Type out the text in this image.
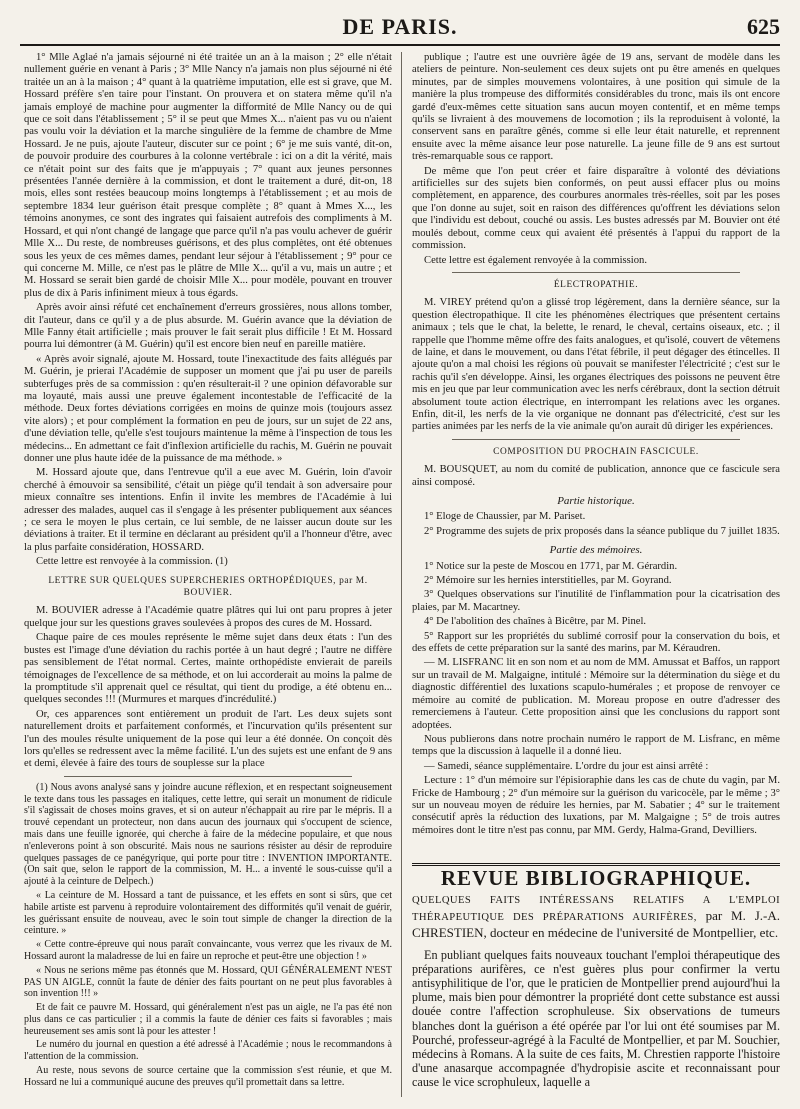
DE PARIS.	625

1° Mlle Aglaé n'a jamais séjourné ni été traitée un an à la maison ; 2° elle n'était nullement guérie en venant à Paris ; 3° Mlle Nancy n'a jamais non plus séjourné ni été traitée un an à la maison ; 4° quant à la quatrième imputation, elle est si grave, que M. Hossard préfère s'en taire pour l'instant. On prouvera et on statera même qu'il n'a jamais employé de machine pour augmenter la difformité de Mlle Nancy ou de qui que ce soit dans l'établissement ; 5° il se peut que Mmes X... n'aient pas vu ou n'aient pas voulu voir la déviation et la marche singulière de la femme de chambre de Mme Hossard. Je ne puis, ajoute l'auteur, discuter sur ce point ; 6° je me suis vanté, dit-on, de pouvoir produire des courbures à la colonne vertébrale : ici on a dit la vérité, mais ce n'était point sur des faits que je m'appuyais ; 7° quant aux jeunes personnes présentées l'année dernière à la commission, et dont le traitement a duré, dit-on, 18 mois, elles sont restées beaucoup moins longtemps à l'établissement ; et au mois de septembre 1834 leur guérison était presque complète ; 8° quant à Mmes X..., les témoins anonymes, ce sont des ingrates qui faisaient autrefois des compliments à M. Hossard, et qui n'ont changé de langage que parce qu'il n'a pas voulu achever de guérir Mlle X... Du reste, de nombreuses guérisons, et des plus complètes, ont été obtenues sous les yeux de ces mêmes dames, pendant leur séjour à l'établissement ; 9° pour ce qui concerne M. Mille, ce n'est pas le plâtre de Mlle X... qu'il a vu, mais un autre ; et M. Hossard se serait bien gardé de choisir Mlle X... pour modèle, pouvant en trouver plus de dix à Paris infiniment mieux à tous égards.

Après avoir ainsi réfuté cet enchaînement d'erreurs grossières, nous allons tomber, dit l'auteur, dans ce qu'il y a de plus absurde. M. Guérin avance que la déviation de Mlle Fanny était artificielle ; mais prouver le fait serait plus difficile ! Et M. Hossard pourra lui démontrer (à M. Guérin) qu'il est encore bien neuf en pareille matière.

« Après avoir signalé, ajoute M. Hossard, toute l'inexactitude des faits allégués par M. Guérin, je prierai l'Académie de supposer un moment que j'ai pu user de pareils subterfuges près de sa commission : qu'en résulterait-il ? une opinion défavorable sur ma loyauté, mais aussi une preuve également incontestable de l'efficacité de la méthode. Deux fortes déviations corrigées en moins de quinze mois (toujours assez vite alors) ; et pour complément la formation en peu de jours, sur un sujet de 22 ans, d'une déviation telle, qu'elle s'est toujours maintenue la même à l'inspection de tous les médecins... En admettant ce fait d'inflexion artificielle du rachis, M. Guérin ne pouvait donner une plus haute idée de la puissance de ma méthode. »

M. Hossard ajoute que, dans l'entrevue qu'il a eue avec M. Guérin, loin d'avoir cherché à émouvoir sa sensibilité, c'était un piège qu'il tendait à son adversaire pour mieux connaître ses intentions. Enfin il invite les membres de l'Académie à lui adresser des malades, auquel cas il s'engage à les présenter publiquement aux séances ; ce sera le moyen le plus certain, ce lui semble, de ne laisser aucun doute sur les déviations à traiter. Et il termine en déclarant au président qu'il a l'honneur d'être, avec la plus parfaite considération, HOSSARD.

Cette lettre est renvoyée à la commission. (1)

LETTRE SUR QUELQUES SUPERCHERIES ORTHOPÉDIQUES, par M. BOUVIER.

M. BOUVIER adresse à l'Académie quatre plâtres qui lui ont paru propres à jeter quelque jour sur les questions graves soulevées à propos des cures de M. Hossard.

Chaque paire de ces moules représente le même sujet dans deux états : l'un des bustes est l'image d'une déviation du rachis portée à un haut degré ; l'autre ne diffère pas sensiblement de l'état normal. Certes, mainte orthopédiste envierait de pareils témoignages de l'excellence de sa méthode, et on lui accorderait au moins la palme de la promptitude s'il apprenait quel ce résultat, qui tient du prodige, a été obtenu en... quelques secondes !!! (Murmures et marques d'incrédulité.)

Or, ces apparences sont entièrement un produit de l'art. Les deux sujets sont naturellement droits et parfaitement conformés, et l'incurvation qu'ils présentent sur l'un des moules résulte uniquement de la pose qui leur a été donnée. On conçoit dès lors qu'elles se redressent avec la même facilité. L'un des sujets est une enfant de 9 ans et demi, élevée à faire des tours de souplesse sur la place

(1) Nous avons analysé sans y joindre aucune réflexion, et en respectant soigneusement le texte dans tous les passages en italiques, cette lettre, qui serait un monument de ridicule s'il s'agissait de choses moins graves, et si on auteur n'échappait au rire par le mépris. Il a trouvé cependant un protecteur, non dans aucun des journaux qui s'occupent de science, mais dans une feuille ignorée, qui cherche à faire de la médecine populaire, et que nous n'enleverons point à son obscurité. Mais nous ne saurions résister au désir de reproduire quelques passages de ce panégyrique, qui porte pour titre : INVENTION IMPORTANTE. (On sait que, selon le rapport de la commission, M. H... a inventé le sous-cuisse qu'il a ajouté à la ceinture de Delpech.)

« La ceinture de M. Hossard a tant de puissance, et les effets en sont si sûrs, que cet habile artiste est parvenu à reproduire volontairement des difformités qu'il venait de guérir, les guérissant ensuite de nouveau, avec le soin tout simple de changer la direction de la ceinture. »

« Cette contre-épreuve qui nous paraît convaincante, vous verrez que les rivaux de M. Hossard auront la maladresse de lui en faire un reproche et peut-être une objection ! »

« Nous ne serions même pas étonnés que M. Hossard, QUI GÉNÉRALEMENT N'EST PAS UN AIGLE, connût la faute de dénier des faits pourtant on ne peut plus favorables à son invention !!! »

Et de fait ce pauvre M. Hossard, qui généralement n'est pas un aigle, ne l'a pas été non plus dans ce cas particulier ; il a commis la faute de dénier ces faits si favorables ; mais heureusement ses amis sont là pour les attester !

Le numéro du journal en question a été adressé à l'Académie ; nous le recommandons à l'attention de la commission.

Au reste, nous sevons de source certaine que la commission s'est réunie, et que M. Hossard ne lui a communiqué aucune des preuves qu'il promettait dans sa lettre.

publique ; l'autre est une ouvrière âgée de 19 ans, servant de modèle dans les ateliers de peinture. Non-seulement ces deux sujets ont pu être amenés en quelques minutes, par de simples mouvemens volontaires, à une position qui simule de la manière la plus trompeuse des difformités considérables du tronc, mais ils ont encore gardé d'eux-mêmes cette situation sans aucun moyen contentif, et en même temps qu'ils se livraient à des mouvemens de locomotion ; ils la reproduisent à volonté, la conservent sans en paraître gênés, comme si elle leur était naturelle, et reprennent ensuite avec la même aisance leur pose naturelle. La jeune fille de 9 ans est surtout très-remarquable sous ce rapport.

De même que l'on peut créer et faire disparaître à volonté des déviations artificielles sur des sujets bien conformés, on peut aussi effacer plus ou moins complètement, en apparence, des courbures anormales très-réelles, soit par les poses que l'on donne au sujet, soit en raison des différences qu'offrent les déviations selon que l'individu est debout, couché ou assis. Les bustes adressés par M. Bouvier ont été moulés debout, comme ceux qui avaient été présentés à l'appui du rapport de la commission.

Cette lettre est également renvoyée à la commission.

ÉLECTROPATHIE.

M. VIREY prétend qu'on a glissé trop légèrement, dans la dernière séance, sur la question électropathique. Il cite les phénomènes électriques que présentent certains animaux ; tels que le chat, la belette, le renard, le cheval, certains oiseaux, etc. ; il rappelle que l'homme même offre des faits analogues, et qu'isolé, couvert de vêtemens de laine, et dans le mouvement, ou dans l'état fébrile, il peut dégager des étincelles. Il ajoute qu'on a mal choisi les régions où pouvait se manifester l'électricité ; c'est sur le rachis qu'il s'en développe. Ainsi, les organes électriques des poissons ne peuvent être mis en jeu que par leur communication avec les nerfs cérébraux, dont la section détruit absolument toute action électrique, en interrompant les relations avec les organes. Enfin, dit-il, les nerfs de la vie organique ne donnant pas d'électricité, c'est sur les parties animées par les nerfs de la vie animale qu'on aurait dû diriger les expériences.

COMPOSITION DU PROCHAIN FASCICULE.

M. BOUSQUET, au nom du comité de publication, annonce que ce fascicule sera ainsi composé.

Partie historique.

1° Eloge de Chaussier, par M. Pariset.

2° Programme des sujets de prix proposés dans la séance publique du 7 juillet 1835.

Partie des mémoires.

1° Notice sur la peste de Moscou en 1771, par M. Gérardin.

2° Mémoire sur les hernies interstitielles, par M. Goyrand.

3° Quelques observations sur l'inutilité de l'inflammation pour la cicatrisation des plaies, par M. Macartney.

4° De l'abolition des chaînes à Bicêtre, par M. Pinel.

5° Rapport sur les propriétés du sublimé corrosif pour la conservation du bois, et des effets de cette préparation sur la santé des marins, par M. Kéraudren.

— M. LISFRANC lit en son nom et au nom de MM. Amussat et Baffos, un rapport sur un travail de M. Malgaigne, intitulé : Mémoire sur la détermination du siège et du diagnostic différentiel des luxations scapulo-humérales ; et propose de renvoyer ce mémoire au comité de publication. M. Moreau propose en outre d'adresser des remerciemens à l'auteur. Cette proposition ainsi que les conclusions du rapport sont adoptées.

Nous publierons dans notre prochain numéro le rapport de M. Lisfranc, en même temps que la discussion à laquelle il a donné lieu.

— Samedi, séance supplémentaire. L'ordre du jour est ainsi arrêté :

Lecture : 1° d'un mémoire sur l'épisioraphie dans les cas de chute du vagin, par M. Fricke de Hambourg ; 2° d'un mémoire sur la guérison du varicocèle, par le même ; 3° sur un nouveau moyen de réduire les hernies, par M. Sabatier ; 4° sur le traitement consécutif après la réduction des luxations, par M. Malgaigne ; 5° de trois autres mémoires dont le titre n'est pas connu, par MM. Gerdy, Halma-Grand, Devilliers.

REVUE BIBLIOGRAPHIQUE.

QUELQUES FAITS INTÉRESSANS RELATIFS A L'EMPLOI THÉRAPEUTIQUE DES PRÉPARATIONS AURIFÈRES, par M. J.-A. CHRESTIEN, docteur en médecine de l'université de Montpellier, etc.

En publiant quelques faits nouveaux touchant l'emploi thérapeutique des préparations aurifères, ce n'est guères plus pour confirmer la vertu antisyphilitique de l'or, que le praticien de Montpellier prend aujourd'hui la plume, mais bien pour démontrer la propriété dont cette substance est aussi douée contre l'affection scrophuleuse. Six observations de tumeurs blanches dont la guérison a été opérée par l'or lui ont été soumises par M. Pourché, professeur-agrégé à la Faculté de Montpellier, et par M. Souchier, médecins à Romans. A la suite de ces faits, M. Chrestien rapporte l'histoire d'une anasarque accompagnée d'hydropisie ascite et reconnaissant pour cause le vice scrophuleux, laquelle a
